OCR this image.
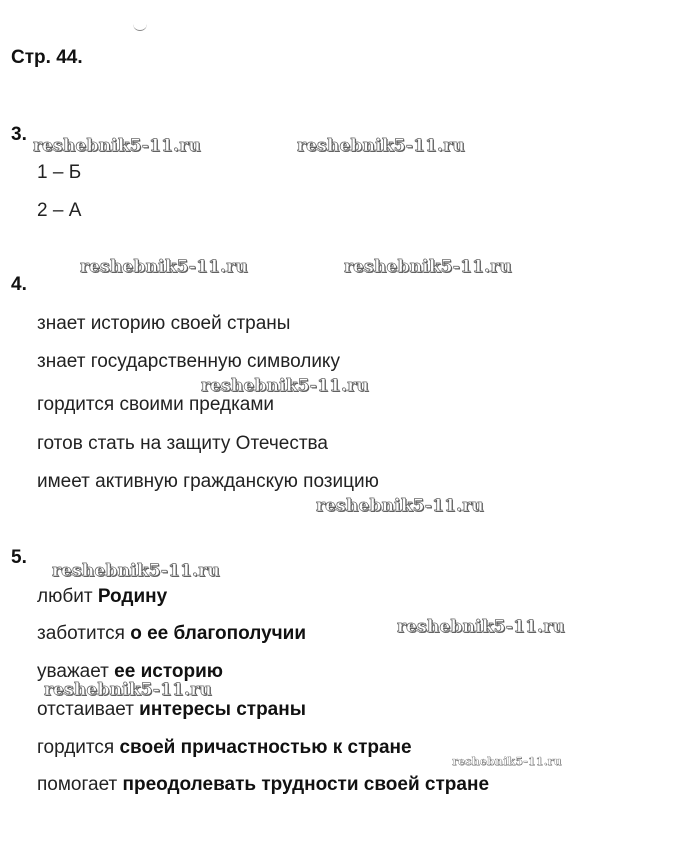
Стр. 44.
3.
1 – Б
2 – А
4.
знает историю своей страны
знает государственную символику
гордится своими предками
готов стать на защиту Отечества
имеет активную гражданскую позицию
5.
любит Родину
заботится о ее благополучии
уважает ее историю
отстаивает интересы страны
гордится своей причастностью к стране
помогает преодолевать трудности своей стране
reshebnik5-11.ru	reshebnik5-11.ru
reshebnik5-11.ru	reshebnik5-11.ru
reshebnik5-11.ru
reshebnik5-11.ru
reshebnik5-11.ru
reshebnik5-11.ru
reshebnik5-11.ru
reshebnik5-11.ru
